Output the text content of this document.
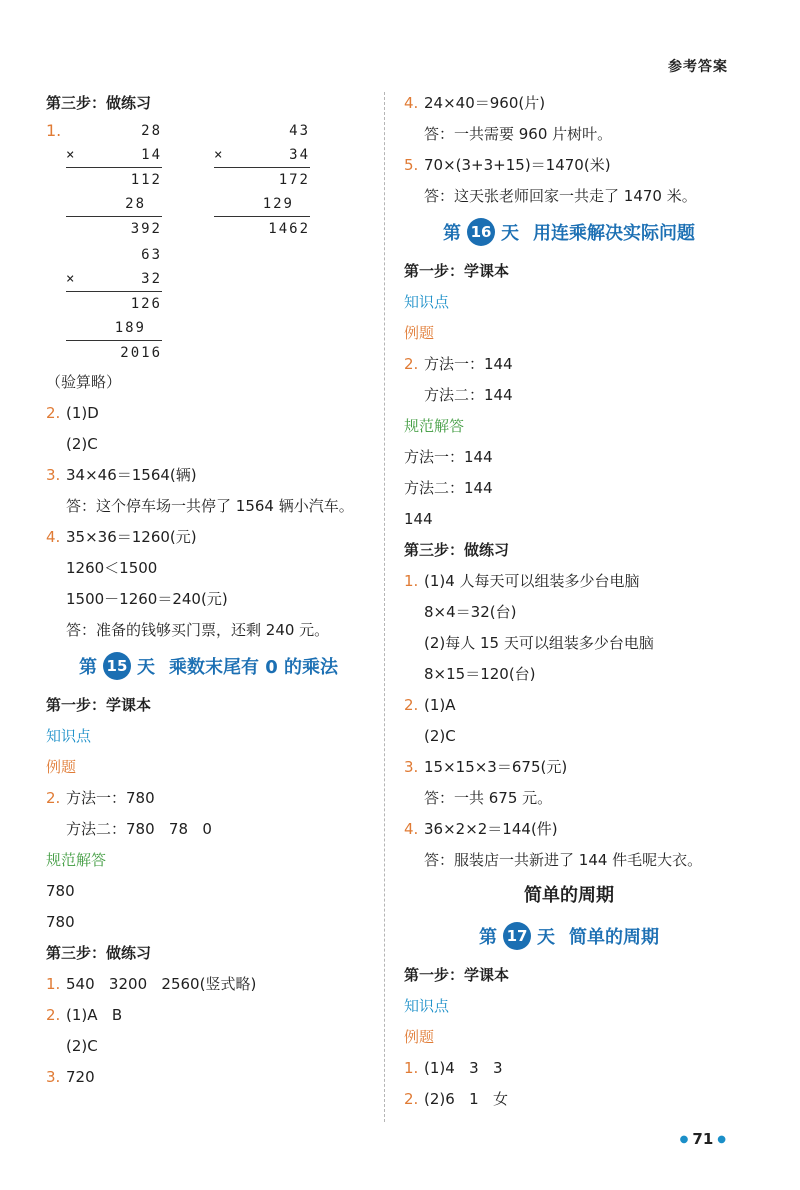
参考答案
第三步：做练习
1.	28
×	14
112
28
392
43
×	34
172
129
1462
63
×	32
126
189
2016
（验算略）
2. (1)D
(2)C
3. 34×46＝1564(辆)
答：这个停车场一共停了 1564 辆小汽车。
4. 35×36＝1260(元)
1260＜1500
1500－1260＝240(元)
答：准备的钱够买门票，还剩 240 元。
第 15 天 乘数末尾有 0 的乘法
第一步：学课本
知识点
例题
2. 方法一：780
方法二：780   78   0
规范解答
780
780
第三步：做练习
1. 540   3200   2560(竖式略)
2. (1)A   B
(2)C
3. 720
4. 24×40＝960(片)
答：一共需要 960 片树叶。
5. 70×(3+3+15)＝1470(米)
答：这天张老师回家一共走了 1470 米。
第 16 天 用连乘解决实际问题
第一步：学课本
知识点
例题
2. 方法一：144
方法二：144
规范解答
方法一：144
方法二：144
144
第三步：做练习
1. (1)4 人每天可以组装多少台电脑
8×4＝32(台)
(2)每人 15 天可以组装多少台电脑
8×15＝120(台)
2. (1)A
(2)C
3. 15×15×3＝675(元)
答：一共 675 元。
4. 36×2×2＝144(件)
答：服装店一共新进了 144 件毛呢大衣。
简单的周期
第 17 天 简单的周期
第一步：学课本
知识点
例题
1. (1)4   3   3
2. (2)6   1   女
● 71 ●
